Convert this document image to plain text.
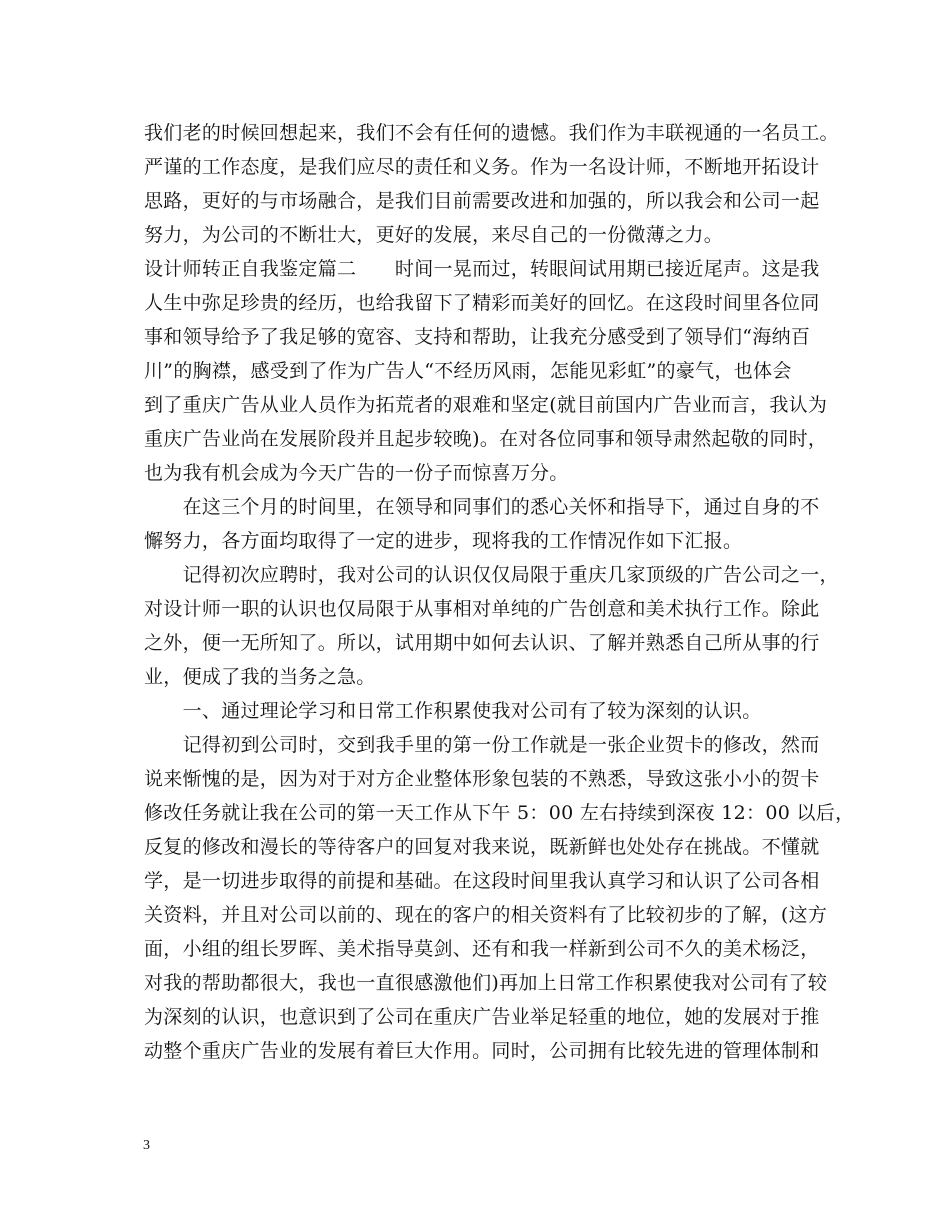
我们老的时候回想起来，我们不会有任何的遗憾。我们作为丰联视通的一名员工。
严谨的工作态度，是我们应尽的责任和义务。作为一名设计师，不断地开拓设计
思路，更好的与市场融合，是我们目前需要改进和加强的，所以我会和公司一起
努力，为公司的不断壮大，更好的发展，来尽自己的一份微薄之力。
设计师转正自我鉴定篇二　　时间一晃而过，转眼间试用期已接近尾声。这是我
人生中弥足珍贵的经历，也给我留下了精彩而美好的回忆。在这段时间里各位同
事和领导给予了我足够的宽容、支持和帮助，让我充分感受到了领导们“海纳百
川”的胸襟，感受到了作为广告人“不经历风雨，怎能见彩虹”的豪气，也体会
到了重庆广告从业人员作为拓荒者的艰难和坚定(就目前国内广告业而言，我认为
重庆广告业尚在发展阶段并且起步较晚)。在对各位同事和领导肃然起敬的同时，
也为我有机会成为今天广告的一份子而惊喜万分。
　　在这三个月的时间里，在领导和同事们的悉心关怀和指导下，通过自身的不
懈努力，各方面均取得了一定的进步，现将我的工作情况作如下汇报。
　　记得初次应聘时，我对公司的认识仅仅局限于重庆几家顶级的广告公司之一，
对设计师一职的认识也仅局限于从事相对单纯的广告创意和美术执行工作。除此
之外，便一无所知了。所以，试用期中如何去认识、了解并熟悉自己所从事的行
业，便成了我的当务之急。
　　一、通过理论学习和日常工作积累使我对公司有了较为深刻的认识。
　　记得初到公司时，交到我手里的第一份工作就是一张企业贺卡的修改，然而
说来惭愧的是，因为对于对方企业整体形象包装的不熟悉，导致这张小小的贺卡
修改任务就让我在公司的第一天工作从下午 5：00 左右持续到深夜 12：00 以后，
反复的修改和漫长的等待客户的回复对我来说，既新鲜也处处存在挑战。不懂就
学，是一切进步取得的前提和基础。在这段时间里我认真学习和认识了公司各相
关资料，并且对公司以前的、现在的客户的相关资料有了比较初步的了解，(这方
面，小组的组长罗晖、美术指导莫剑、还有和我一样新到公司不久的美术杨泛，
对我的帮助都很大，我也一直很感激他们)再加上日常工作积累使我对公司有了较
为深刻的认识，也意识到了公司在重庆广告业举足轻重的地位，她的发展对于推
动整个重庆广告业的发展有着巨大作用。同时，公司拥有比较先进的管理体制和
3
